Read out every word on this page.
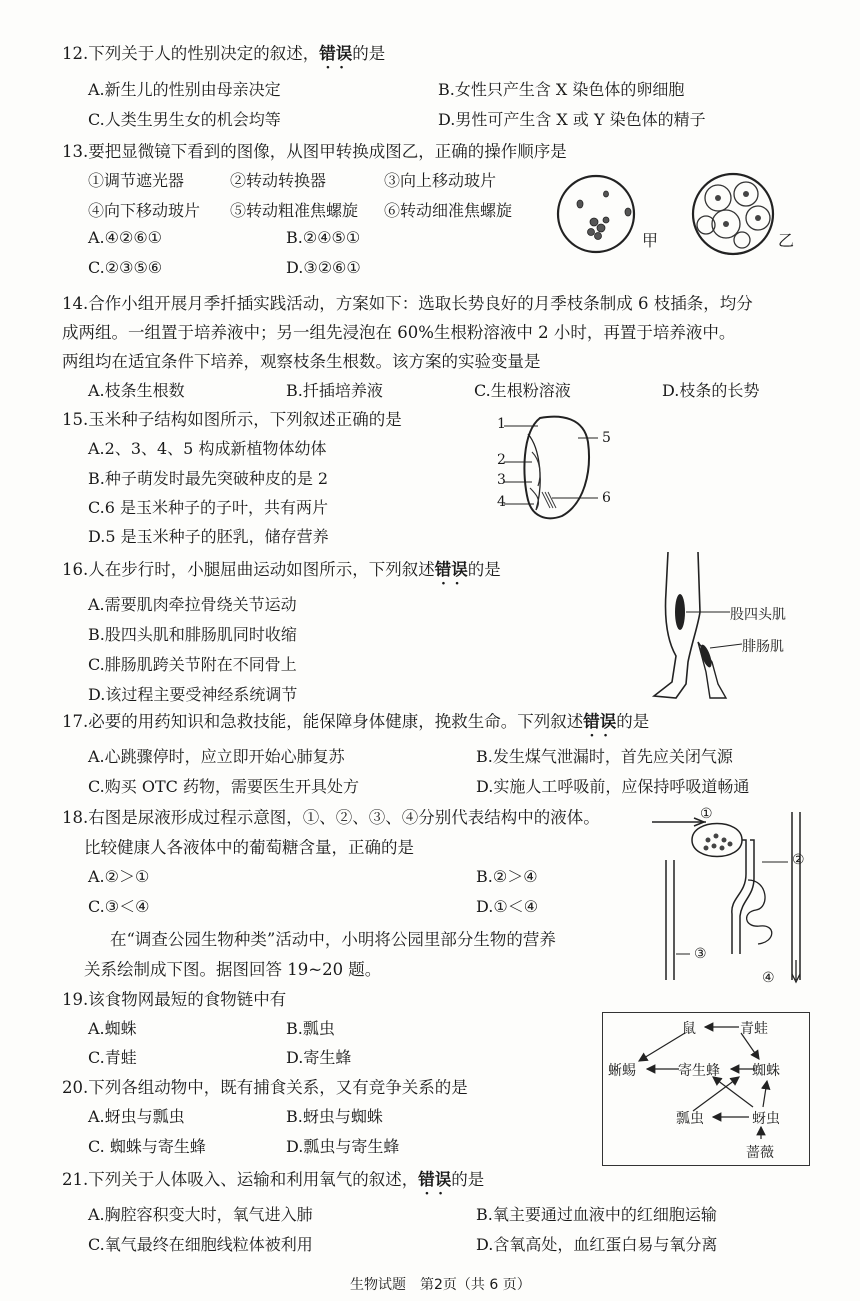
12.下列关于人的性别决定的叙述，错误 · ·的是
A.新生儿的性别由母亲决定	B.女性只产生含 X 染色体的卵细胞
C.人类生男生女的机会均等	D.男性可产生含 X 或 Y 染色体的精子
13.要把显微镜下看到的图像，从图甲转换成图乙，正确的操作顺序是
①调节遮光器	②转动转换器	③向上移动玻片
④向下移动玻片 ⑤转动粗准焦螺旋 ⑥转动细准焦螺旋
A.④②⑥①	B.②④⑤①
C.②③⑤⑥	D.③②⑥①
甲	乙
14.合作小组开展月季扦插实践活动，方案如下：选取长势良好的月季枝条制成 6 枝插条，均分
成两组。一组置于培养液中；另一组先浸泡在 60%生根粉溶液中 2 小时，再置于培养液中。
两组均在适宜条件下培养，观察枝条生根数。该方案的实验变量是
A.枝条生根数	B.扦插培养液	C.生根粉溶液	D.枝条的长势
15.玉米种子结构如图所示，下列叙述正确的是
A.2、3、4、5 构成新植物体幼体
B.种子萌发时最先突破种皮的是 2
C.6 是玉米种子的子叶，共有两片
D.5 是玉米种子的胚乳，储存营养
1
2
3
4
5
6
16.人在步行时，小腿屈曲运动如图所示，下列叙述错误 · ·的是
A.需要肌肉牵拉骨绕关节运动
B.股四头肌和腓肠肌同时收缩
C.腓肠肌跨关节附在不同骨上
D.该过程主要受神经系统调节
股四头肌
腓肠肌
17.必要的用药知识和急救技能，能保障身体健康，挽救生命。下列叙述错误 · ·的是
A.心跳骤停时，应立即开始心肺复苏	B.发生煤气泄漏时，首先应关闭气源
C.购买 OTC 药物，需要医生开具处方	D.实施人工呼吸前，应保持呼吸道畅通
18.右图是尿液形成过程示意图，①、②、③、④分别代表结构中的液体。
比较健康人各液体中的葡萄糖含量，正确的是
A.②＞①	B.②＞④
C.③＜④	D.①＜④
①
②
③
④
在“调查公园生物种类”活动中，小明将公园里部分生物的营养
关系绘制成下图。据图回答 19~20 题。
19.该食物网最短的食物链中有
A.蜘蛛	B.瓢虫
C.青蛙	D.寄生蜂
20.下列各组动物中，既有捕食关系，又有竞争关系的是
A.蚜虫与瓢虫	B.蚜虫与蜘蛛
C. 蜘蛛与寄生蜂	D.瓢虫与寄生蜂
鼠	青蛙
蜥蜴	寄生蜂 蜘蛛
瓢虫	蚜虫
蔷薇
21.下列关于人体吸入、运输和利用氧气的叙述，错误 · ·的是
A.胸腔容积变大时，氧气进入肺	B.氧主要通过血液中的红细胞运输
C.氧气最终在细胞线粒体被利用	D.含氧高处，血红蛋白易与氧分离
生物试题　第2页（共 6 页）
